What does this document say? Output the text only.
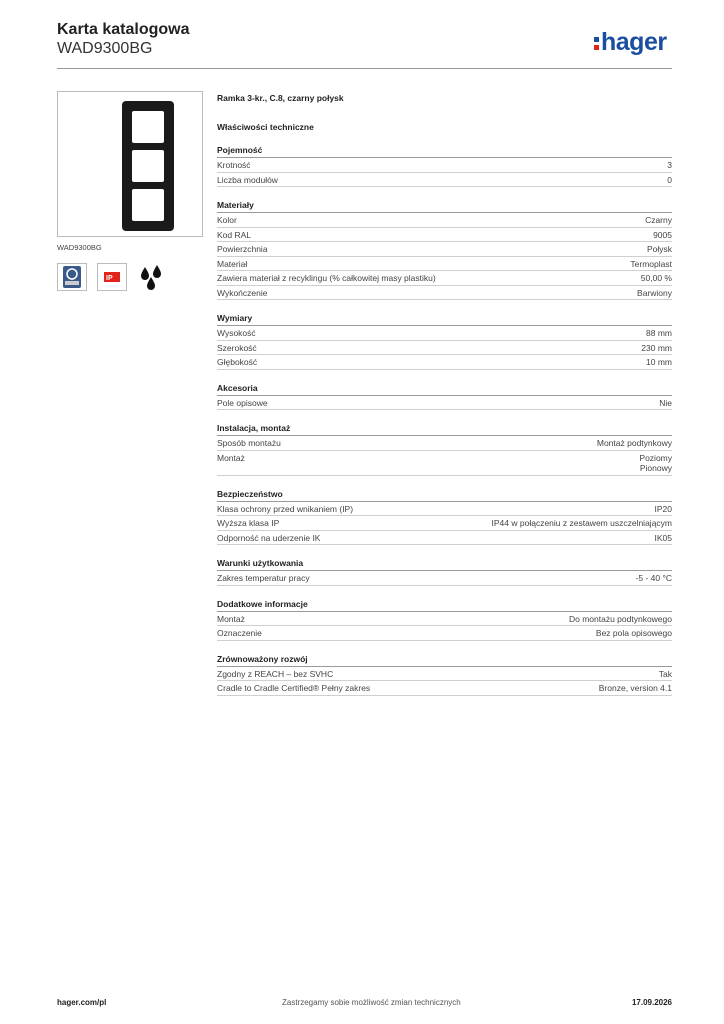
Karta katalogowa
WAD9300BG	hager
WAD9300BG
IP
Ramka 3-kr., C.8, czarny połysk
Właściwości techniczne
Pojemność
Krotność	3
Liczba modułów	0
Materiały
Kolor	Czarny
Kod RAL	9005
Powierzchnia	Połysk
Materiał	Termoplast
Zawiera materiał z recyklingu (% całkowitej masy plastiku)	50,00 %
Wykończenie	Barwiony
Wymiary
Wysokość	88 mm
Szerokość	230 mm
Głębokość	10 mm
Akcesoria
Pole opisowe	Nie
Instalacja, montaż
Sposób montażu	Montaż podtynkowy
Montaż	Poziomy
Pionowy
Bezpieczeństwo
Klasa ochrony przed wnikaniem (IP)	IP20
Wyższa klasa IP	IP44 w połączeniu z zestawem uszczelniającym
Odporność na uderzenie IK	IK05
Warunki użytkowania
Zakres temperatur pracy	-5 - 40 °C
Dodatkowe informacje
Montaż	Do montażu podtynkowego
Oznaczenie	Bez pola opisowego
Zrównoważony rozwój
Zgodny z REACH – bez SVHC	Tak
Cradle to Cradle Certified® Pełny zakres	Bronze, version 4.1
hager.com/pl	Zastrzegamy sobie możliwość zmian technicznych	17.09.2026
